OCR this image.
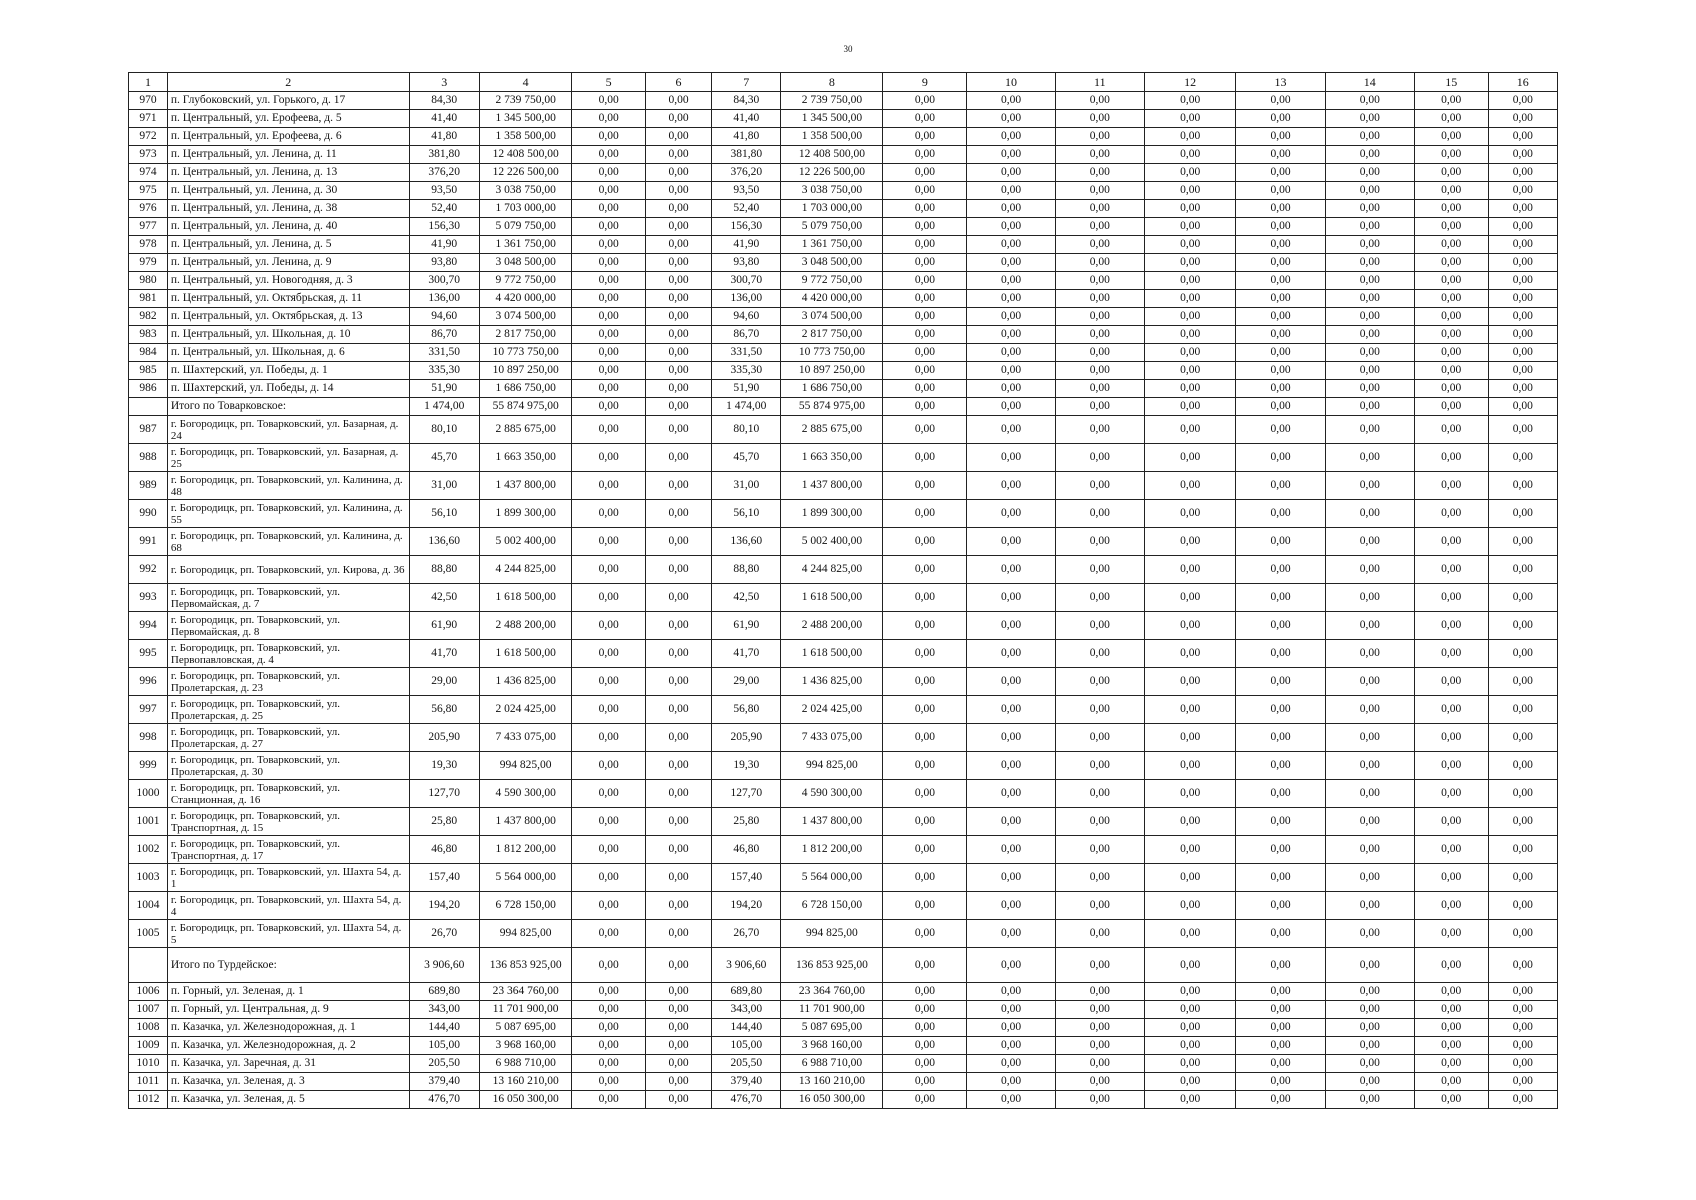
30
1	2	3	4	5	6	7	8	9	10	11	12	13	14	15	16
970	п. Глубоковский, ул. Горького, д. 17	84,30	2 739 750,00	0,00	0,00	84,30	2 739 750,00	0,00	0,00	0,00	0,00	0,00	0,00	0,00	0,00
971	п. Центральный, ул. Ерофеева, д. 5	41,40	1 345 500,00	0,00	0,00	41,40	1 345 500,00	0,00	0,00	0,00	0,00	0,00	0,00	0,00	0,00
972	п. Центральный, ул. Ерофеева, д. 6	41,80	1 358 500,00	0,00	0,00	41,80	1 358 500,00	0,00	0,00	0,00	0,00	0,00	0,00	0,00	0,00
973	п. Центральный, ул. Ленина, д. 11	381,80	12 408 500,00	0,00	0,00	381,80	12 408 500,00	0,00	0,00	0,00	0,00	0,00	0,00	0,00	0,00
974	п. Центральный, ул. Ленина, д. 13	376,20	12 226 500,00	0,00	0,00	376,20	12 226 500,00	0,00	0,00	0,00	0,00	0,00	0,00	0,00	0,00
975	п. Центральный, ул. Ленина, д. 30	93,50	3 038 750,00	0,00	0,00	93,50	3 038 750,00	0,00	0,00	0,00	0,00	0,00	0,00	0,00	0,00
976	п. Центральный, ул. Ленина, д. 38	52,40	1 703 000,00	0,00	0,00	52,40	1 703 000,00	0,00	0,00	0,00	0,00	0,00	0,00	0,00	0,00
977	п. Центральный, ул. Ленина, д. 40	156,30	5 079 750,00	0,00	0,00	156,30	5 079 750,00	0,00	0,00	0,00	0,00	0,00	0,00	0,00	0,00
978	п. Центральный, ул. Ленина, д. 5	41,90	1 361 750,00	0,00	0,00	41,90	1 361 750,00	0,00	0,00	0,00	0,00	0,00	0,00	0,00	0,00
979	п. Центральный, ул. Ленина, д. 9	93,80	3 048 500,00	0,00	0,00	93,80	3 048 500,00	0,00	0,00	0,00	0,00	0,00	0,00	0,00	0,00
980	п. Центральный, ул. Новогодняя, д. 3	300,70	9 772 750,00	0,00	0,00	300,70	9 772 750,00	0,00	0,00	0,00	0,00	0,00	0,00	0,00	0,00
981	п. Центральный, ул. Октябрьская, д. 11	136,00	4 420 000,00	0,00	0,00	136,00	4 420 000,00	0,00	0,00	0,00	0,00	0,00	0,00	0,00	0,00
982	п. Центральный, ул. Октябрьская, д. 13	94,60	3 074 500,00	0,00	0,00	94,60	3 074 500,00	0,00	0,00	0,00	0,00	0,00	0,00	0,00	0,00
983	п. Центральный, ул. Школьная, д. 10	86,70	2 817 750,00	0,00	0,00	86,70	2 817 750,00	0,00	0,00	0,00	0,00	0,00	0,00	0,00	0,00
984	п. Центральный, ул. Школьная, д. 6	331,50	10 773 750,00	0,00	0,00	331,50	10 773 750,00	0,00	0,00	0,00	0,00	0,00	0,00	0,00	0,00
985	п. Шахтерский, ул. Победы, д. 1	335,30	10 897 250,00	0,00	0,00	335,30	10 897 250,00	0,00	0,00	0,00	0,00	0,00	0,00	0,00	0,00
986	п. Шахтерский, ул. Победы, д. 14	51,90	1 686 750,00	0,00	0,00	51,90	1 686 750,00	0,00	0,00	0,00	0,00	0,00	0,00	0,00	0,00
	Итого по Товарковское:	1 474,00	55 874 975,00	0,00	0,00	1 474,00	55 874 975,00	0,00	0,00	0,00	0,00	0,00	0,00	0,00	0,00
987	г. Богородицк, рп. Товарковский, ул. Базарная, д. 24	80,10	2 885 675,00	0,00	0,00	80,10	2 885 675,00	0,00	0,00	0,00	0,00	0,00	0,00	0,00	0,00
988	г. Богородицк, рп. Товарковский, ул. Базарная, д. 25	45,70	1 663 350,00	0,00	0,00	45,70	1 663 350,00	0,00	0,00	0,00	0,00	0,00	0,00	0,00	0,00
989	г. Богородицк, рп. Товарковский, ул. Калинина, д. 48	31,00	1 437 800,00	0,00	0,00	31,00	1 437 800,00	0,00	0,00	0,00	0,00	0,00	0,00	0,00	0,00
990	г. Богородицк, рп. Товарковский, ул. Калинина, д. 55	56,10	1 899 300,00	0,00	0,00	56,10	1 899 300,00	0,00	0,00	0,00	0,00	0,00	0,00	0,00	0,00
991	г. Богородицк, рп. Товарковский, ул. Калинина, д. 68	136,60	5 002 400,00	0,00	0,00	136,60	5 002 400,00	0,00	0,00	0,00	0,00	0,00	0,00	0,00	0,00
992	г. Богородицк, рп. Товарковский, ул. Кирова, д. 36	88,80	4 244 825,00	0,00	0,00	88,80	4 244 825,00	0,00	0,00	0,00	0,00	0,00	0,00	0,00	0,00
993	г. Богородицк, рп. Товарковский, ул. Первомайская, д. 7	42,50	1 618 500,00	0,00	0,00	42,50	1 618 500,00	0,00	0,00	0,00	0,00	0,00	0,00	0,00	0,00
994	г. Богородицк, рп. Товарковский, ул. Первомайская, д. 8	61,90	2 488 200,00	0,00	0,00	61,90	2 488 200,00	0,00	0,00	0,00	0,00	0,00	0,00	0,00	0,00
995	г. Богородицк, рп. Товарковский, ул. Первопавловская, д. 4	41,70	1 618 500,00	0,00	0,00	41,70	1 618 500,00	0,00	0,00	0,00	0,00	0,00	0,00	0,00	0,00
996	г. Богородицк, рп. Товарковский, ул. Пролетарская, д. 23	29,00	1 436 825,00	0,00	0,00	29,00	1 436 825,00	0,00	0,00	0,00	0,00	0,00	0,00	0,00	0,00
997	г. Богородицк, рп. Товарковский, ул. Пролетарская, д. 25	56,80	2 024 425,00	0,00	0,00	56,80	2 024 425,00	0,00	0,00	0,00	0,00	0,00	0,00	0,00	0,00
998	г. Богородицк, рп. Товарковский, ул. Пролетарская, д. 27	205,90	7 433 075,00	0,00	0,00	205,90	7 433 075,00	0,00	0,00	0,00	0,00	0,00	0,00	0,00	0,00
999	г. Богородицк, рп. Товарковский, ул. Пролетарская, д. 30	19,30	994 825,00	0,00	0,00	19,30	994 825,00	0,00	0,00	0,00	0,00	0,00	0,00	0,00	0,00
1000	г. Богородицк, рп. Товарковский, ул. Станционная, д. 16	127,70	4 590 300,00	0,00	0,00	127,70	4 590 300,00	0,00	0,00	0,00	0,00	0,00	0,00	0,00	0,00
1001	г. Богородицк, рп. Товарковский, ул. Транспортная, д. 15	25,80	1 437 800,00	0,00	0,00	25,80	1 437 800,00	0,00	0,00	0,00	0,00	0,00	0,00	0,00	0,00
1002	г. Богородицк, рп. Товарковский, ул. Транспортная, д. 17	46,80	1 812 200,00	0,00	0,00	46,80	1 812 200,00	0,00	0,00	0,00	0,00	0,00	0,00	0,00	0,00
1003	г. Богородицк, рп. Товарковский, ул. Шахта 54, д. 1	157,40	5 564 000,00	0,00	0,00	157,40	5 564 000,00	0,00	0,00	0,00	0,00	0,00	0,00	0,00	0,00
1004	г. Богородицк, рп. Товарковский, ул. Шахта 54, д. 4	194,20	6 728 150,00	0,00	0,00	194,20	6 728 150,00	0,00	0,00	0,00	0,00	0,00	0,00	0,00	0,00
1005	г. Богородицк, рп. Товарковский, ул. Шахта 54, д. 5	26,70	994 825,00	0,00	0,00	26,70	994 825,00	0,00	0,00	0,00	0,00	0,00	0,00	0,00	0,00
	Итого по Турдейское:	3 906,60	136 853 925,00	0,00	0,00	3 906,60	136 853 925,00	0,00	0,00	0,00	0,00	0,00	0,00	0,00	0,00
1006	п. Горный, ул. Зеленая, д. 1	689,80	23 364 760,00	0,00	0,00	689,80	23 364 760,00	0,00	0,00	0,00	0,00	0,00	0,00	0,00	0,00
1007	п. Горный, ул. Центральная, д. 9	343,00	11 701 900,00	0,00	0,00	343,00	11 701 900,00	0,00	0,00	0,00	0,00	0,00	0,00	0,00	0,00
1008	п. Казачка, ул. Железнодорожная, д. 1	144,40	5 087 695,00	0,00	0,00	144,40	5 087 695,00	0,00	0,00	0,00	0,00	0,00	0,00	0,00	0,00
1009	п. Казачка, ул. Железнодорожная, д. 2	105,00	3 968 160,00	0,00	0,00	105,00	3 968 160,00	0,00	0,00	0,00	0,00	0,00	0,00	0,00	0,00
1010	п. Казачка, ул. Заречная, д. 31	205,50	6 988 710,00	0,00	0,00	205,50	6 988 710,00	0,00	0,00	0,00	0,00	0,00	0,00	0,00	0,00
1011	п. Казачка, ул. Зеленая, д. 3	379,40	13 160 210,00	0,00	0,00	379,40	13 160 210,00	0,00	0,00	0,00	0,00	0,00	0,00	0,00	0,00
1012	п. Казачка, ул. Зеленая, д. 5	476,70	16 050 300,00	0,00	0,00	476,70	16 050 300,00	0,00	0,00	0,00	0,00	0,00	0,00	0,00	0,00
